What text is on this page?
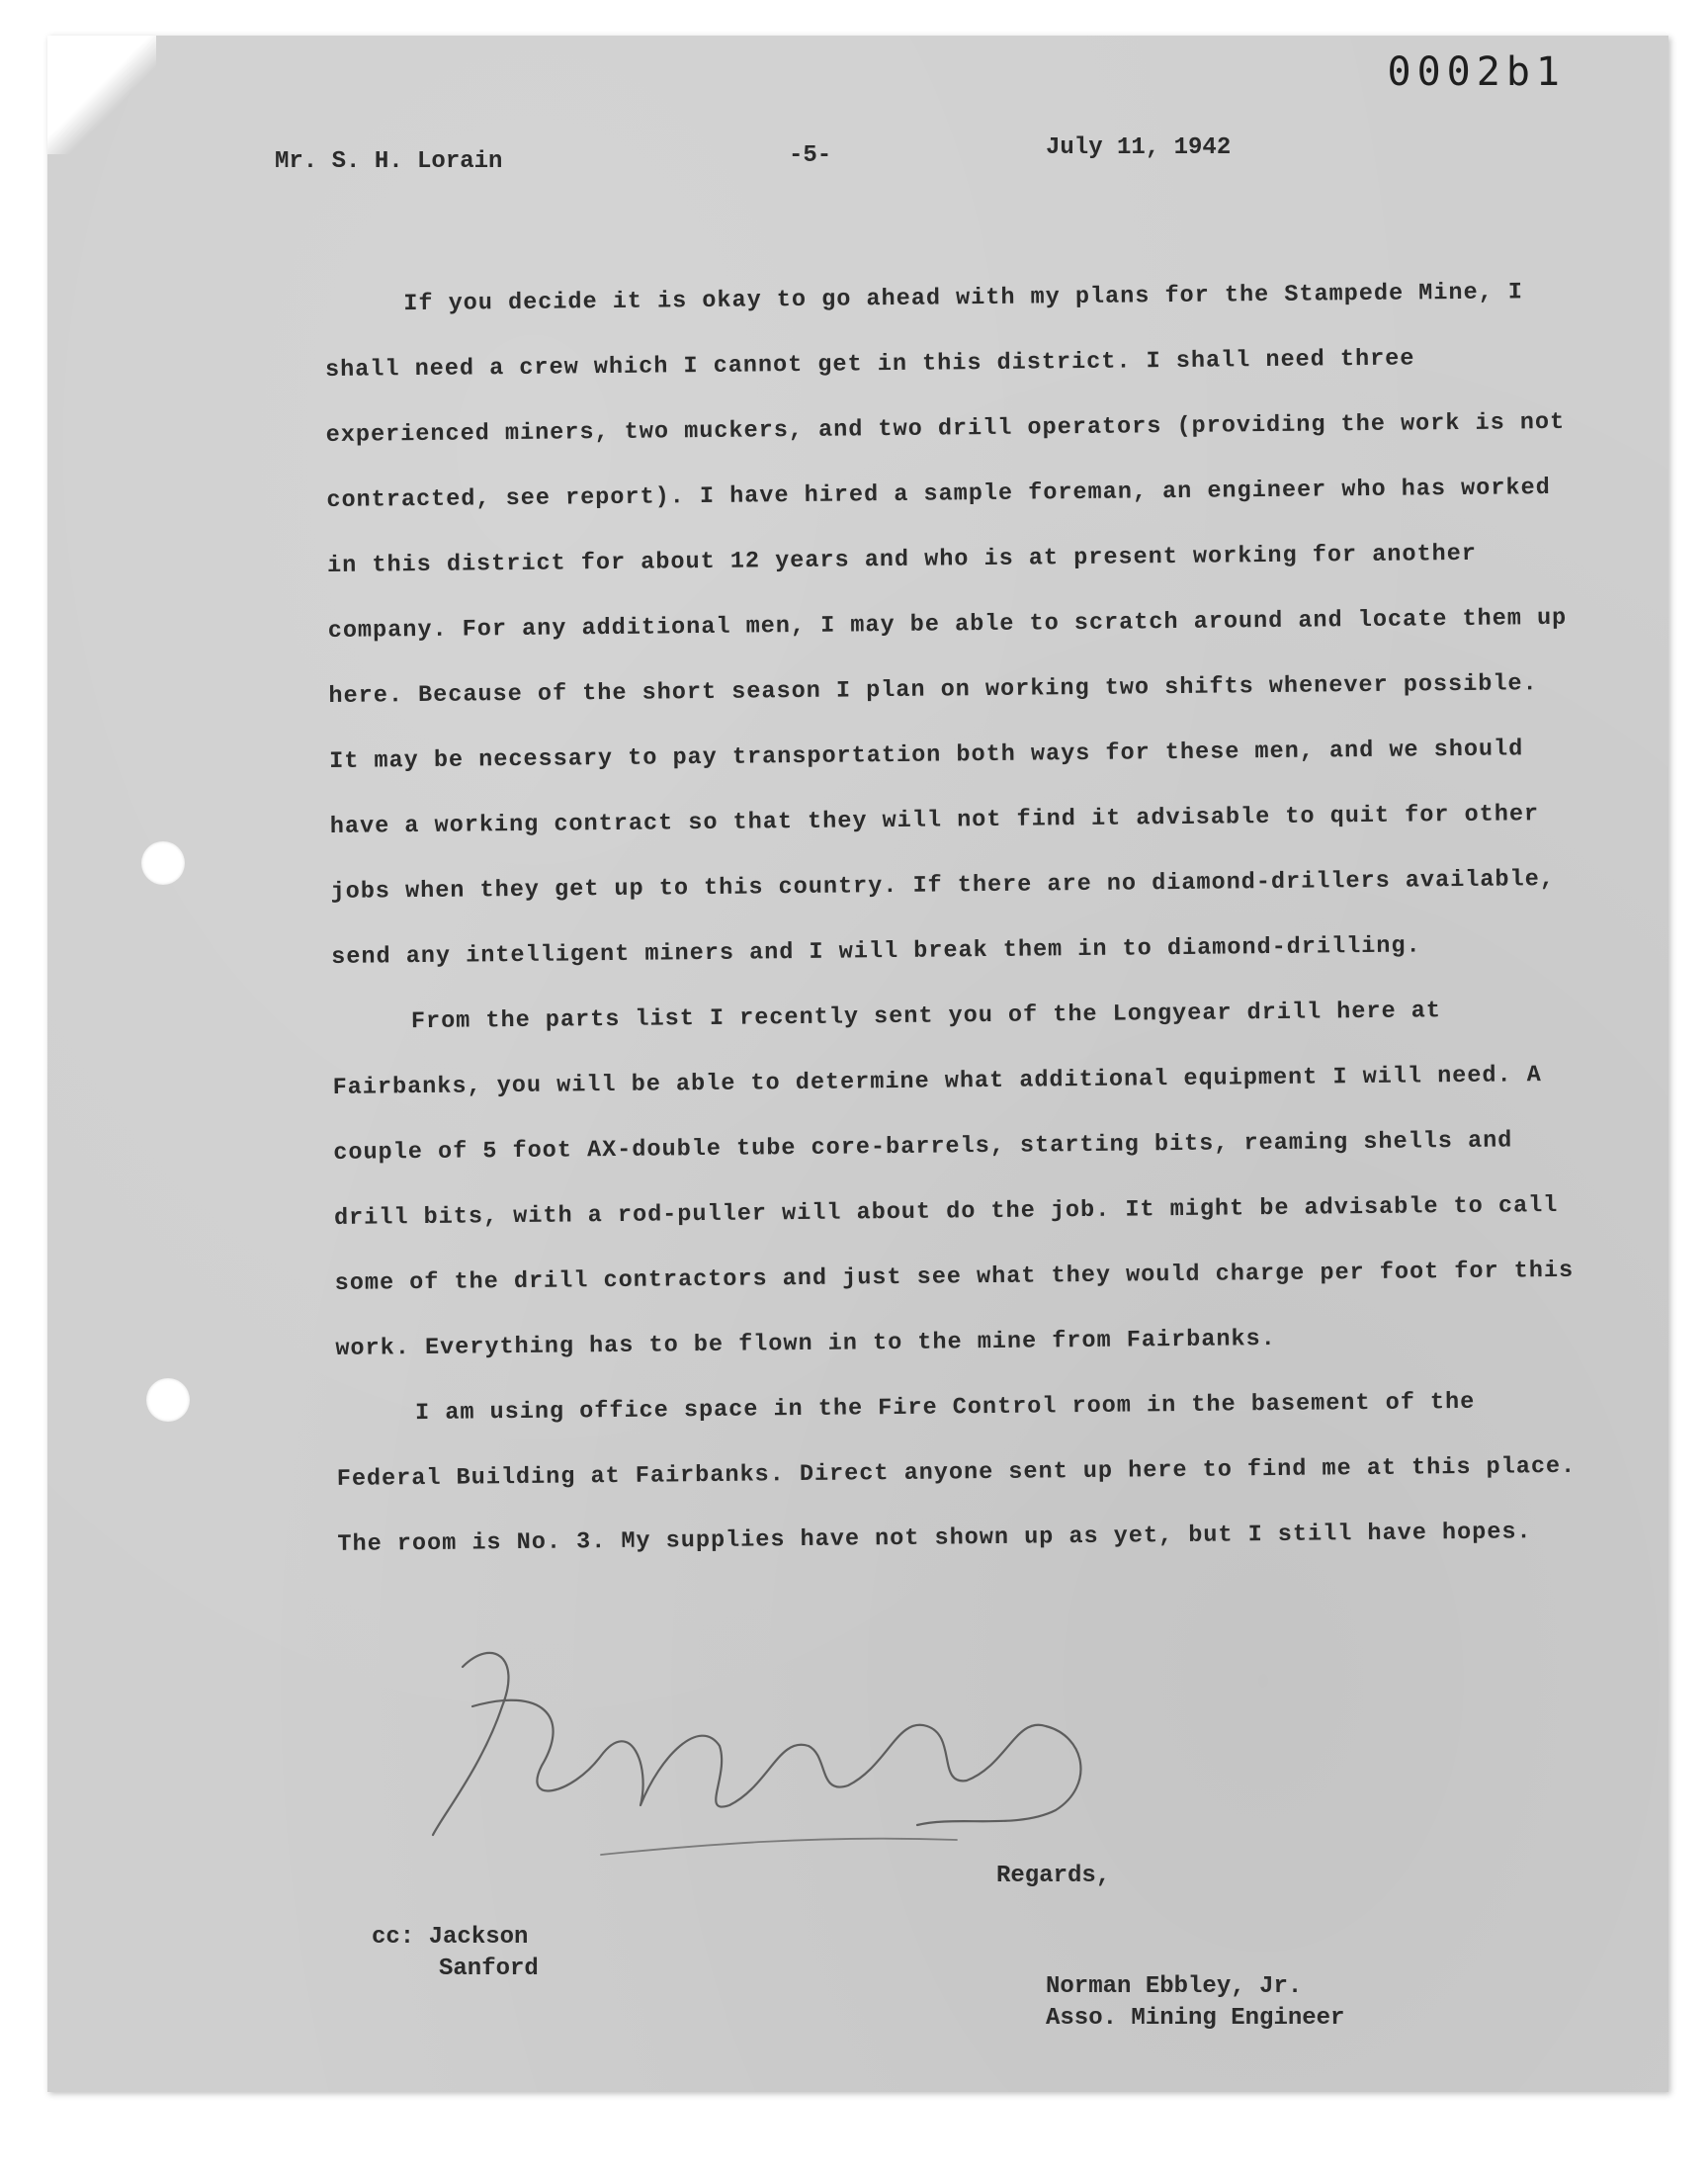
0002b1
Mr. S. H. Lorain	-5-	July 11, 1942

If you decide it is okay to go ahead with my plans for the Stampede Mine, I shall need a crew which I cannot get in this district. I shall need three experienced miners, two muckers, and two drill operators (providing the work is not contracted, see report). I have hired a sample foreman, an engineer who has worked in this district for about 12 years and who is at present working for another company. For any additional men, I may be able to scratch around and locate them up here. Because of the short season I plan on working two shifts whenever possible. It may be necessary to pay transportation both ways for these men, and we should have a working contract so that they will not find it advisable to quit for other jobs when they get up to this country. If there are no diamond-drillers available, send any intelligent miners and I will break them in to diamond-drilling.

From the parts list I recently sent you of the Longyear drill here at Fairbanks, you will be able to determine what additional equipment I will need. A couple of 5 foot AX-double tube core-barrels, starting bits, reaming shells and drill bits, with a rod-puller will about do the job. It might be advisable to call some of the drill contractors and just see what they would charge per foot for this work. Everything has to be flown in to the mine from Fairbanks.

I am using office space in the Fire Control room in the basement of the Federal Building at Fairbanks. Direct anyone sent up here to find me at this place. The room is No. 3. My supplies have not shown up as yet, but I still have hopes.

Regards,
cc: Jackson
Sanford
Norman Ebbley, Jr.
Asso. Mining Engineer
